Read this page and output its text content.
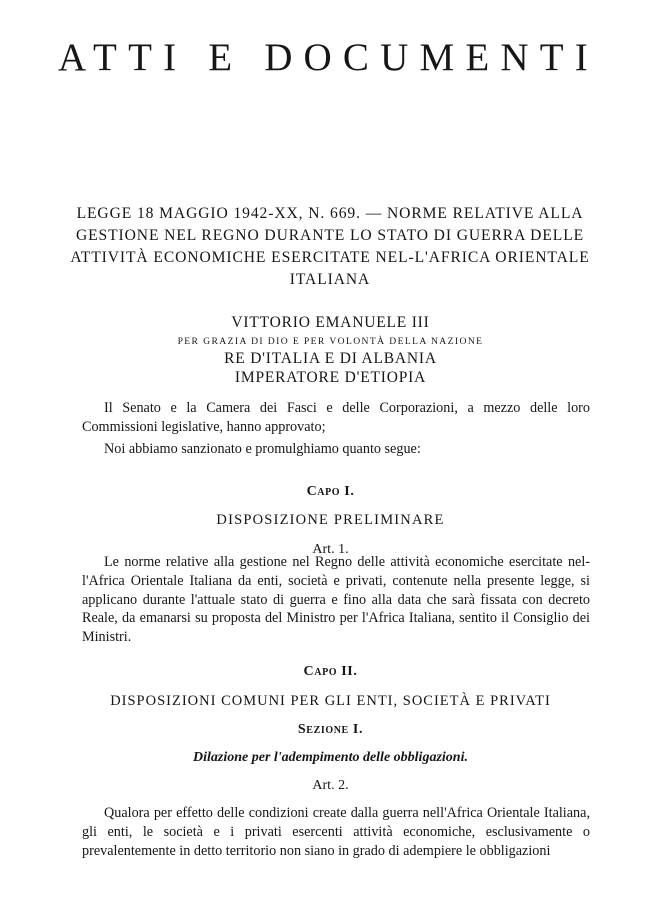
ATTI E DOCUMENTI
LEGGE 18 MAGGIO 1942-XX, N. 669. — NORME RELATIVE ALLA GESTIONE NEL REGNO DURANTE LO STATO DI GUERRA DELLE ATTIVITÀ ECONOMICHE ESERCITATE NEL-L'AFRICA ORIENTALE ITALIANA
VITTORIO EMANUELE III
PER GRAZIA DI DIO E PER VOLONTÀ DELLA NAZIONE
RE D'ITALIA E DI ALBANIA
IMPERATORE D'ETIOPIA
Il Senato e la Camera dei Fasci e delle Corporazioni, a mezzo delle loro Commissioni legislative, hanno approvato;
Noi abbiamo sanzionato e promulghiamo quanto segue:
Capo I.
DISPOSIZIONE PRELIMINARE
Art. 1.
Le norme relative alla gestione nel Regno delle attività economiche esercitate nel-l'Africa Orientale Italiana da enti, società e privati, contenute nella presente legge, si applicano durante l'attuale stato di guerra e fino alla data che sarà fissata con decreto Reale, da emanarsi su proposta del Ministro per l'Africa Italiana, sentito il Consiglio dei Ministri.
Capo II.
DISPOSIZIONI COMUNI PER GLI ENTI, SOCIETÀ E PRIVATI
Sezione I.
Dilazione per l'adempimento delle obbligazioni.
Art. 2.
Qualora per effetto delle condizioni create dalla guerra nell'Africa Orientale Italiana, gli enti, le società e i privati esercenti attività economiche, esclusivamente o prevalentemente in detto territorio non siano in grado di adempiere le obbligazioni
